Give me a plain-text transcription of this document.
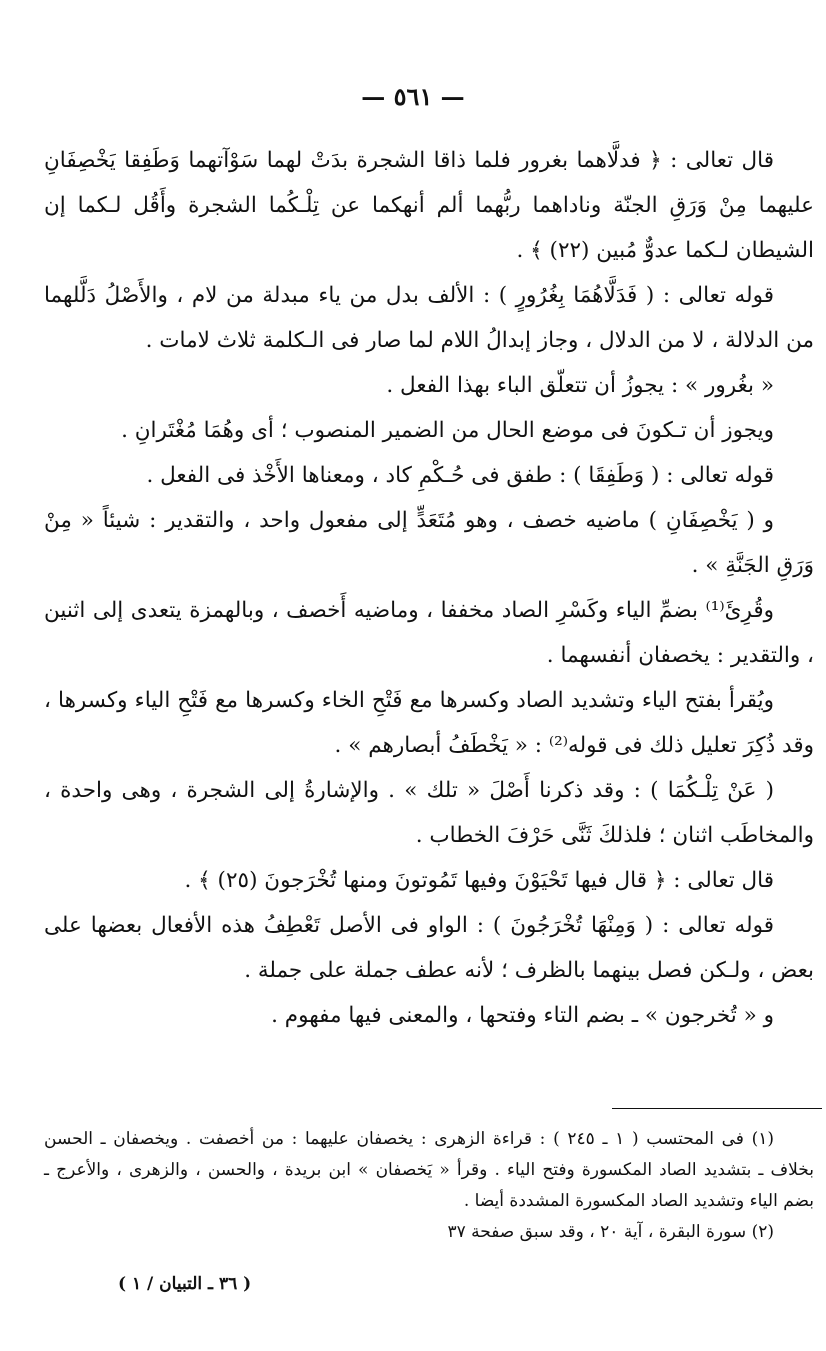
— ٥٦١ —

قال تعالى : ﴿ فدلَّاهما بغرور فلما ذاقا الشجرة بدَتْ لهما سَوْآتهما وَطَفِقا يَخْصِفَانِ عليهما مِنْ وَرَقِ الجنّة وناداهما ربُّهما ألم أنهكما عن تِلْـكُما الشجرة وأَقُل لـكما إن الشيطان لـكما عدوٌّ مُبين (٢٢) ﴾ .

قوله تعالى : ( فَدَلَّاهُمَا بِغُرُورٍ ) : الألف بدل من ياء مبدلة من لام ، والأَصْلُ دَلَّلهما من الدلالة ، لا من الدلال ، وجاز إبدالُ اللام لما صار فى الـكلمة ثلاث لامات .

« بغُرور » : يجوزُ أن تتعلّق الباء بهذا الفعل .

ويجوز أن تـكونَ فى موضع الحال من الضمير المنصوب ؛ أى وهُمَا مُغْتَرانِ .

قوله تعالى : ( وَطَفِقَا ) : طفق فى حُـكْمِ كاد ، ومعناها الأَخْذ فى الفعل .

و ( يَخْصِفَانِ ) ماضيه خصف ، وهو مُتَعَدٍّ إلى مفعول واحد ، والتقدير : شيئاً « مِنْ وَرَقِ الجَنَّةِ » .

وقُرِئَ⁽¹⁾ بضمِّ الياء وكَسْرِ الصاد مخففا ، وماضيه أَخصف ، وبالهمزة يتعدى إلى اثنين ، والتقدير : يخصفان أنفسهما .

ويُقرأ بفتح الياء وتشديد الصاد وكسرها مع فَتْحِ الخاء وكسرها مع فَتْحِ الياء وكسرها ، وقد ذُكِرَ تعليل ذلك فى قوله⁽²⁾ : « يَخْطَفُ أبصارهم » .

( عَنْ تِلْـكُمَا ) : وقد ذكرنا أَصْلَ « تلك » . والإشارةُ إلى الشجرة ، وهى واحدة ، والمخاطَب اثنان ؛ فلذلكَ ثَنَّى حَرْفَ الخطاب .

قال تعالى : ﴿ قال فيها تَحْيَوْنَ وفيها تَمُوتونَ ومنها تُخْرَجونَ (٢٥) ﴾ .

قوله تعالى : ( وَمِنْهَا تُخْرَجُونَ ) : الواو فى الأصل تَعْطِفُ هذه الأفعال بعضها على بعض ، ولـكن فصل بينهما بالظرف ؛ لأنه عطف جملة على جملة .

و « تُخرجون » ـ بضم التاء وفتحها ، والمعنى فيها مفهوم .

(١) فى المحتسب ( ١ ـ ٢٤٥ ) : قراءة الزهرى : يخصفان عليهما : من أخصفت . ويخصفان ـ الحسن بخلاف ـ بتشديد الصاد المكسورة وفتح الياء . وقرأ « يَخصفان » ابن بريدة ، والحسن ، والزهرى ، والأعرج ـ بضم الياء وتشديد الصاد المكسورة المشددة أيضا .

(٢) سورة البقرة ، آية ٢٠ ، وقد سبق صفحة ٣٧

( ٣٦ ـ التبيان / ١ )
